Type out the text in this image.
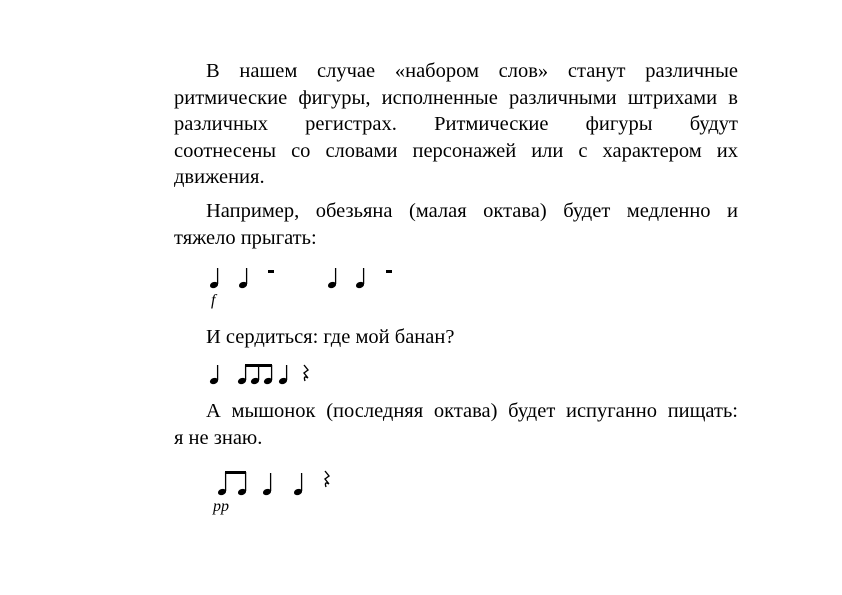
В нашем случае «набором слов» станут различные
ритмические фигуры, исполненные различными штрихами в
различных регистрах. Ритмические фигуры будут
соотнесены со словами персонажей или с характером их
движения.
Например, обезьяна (малая октава) будет медленно и
тяжело прыгать:
f
И сердиться: где мой банан?
А мышонок (последняя октава) будет испуганно пищать:
я не знаю.
pp
